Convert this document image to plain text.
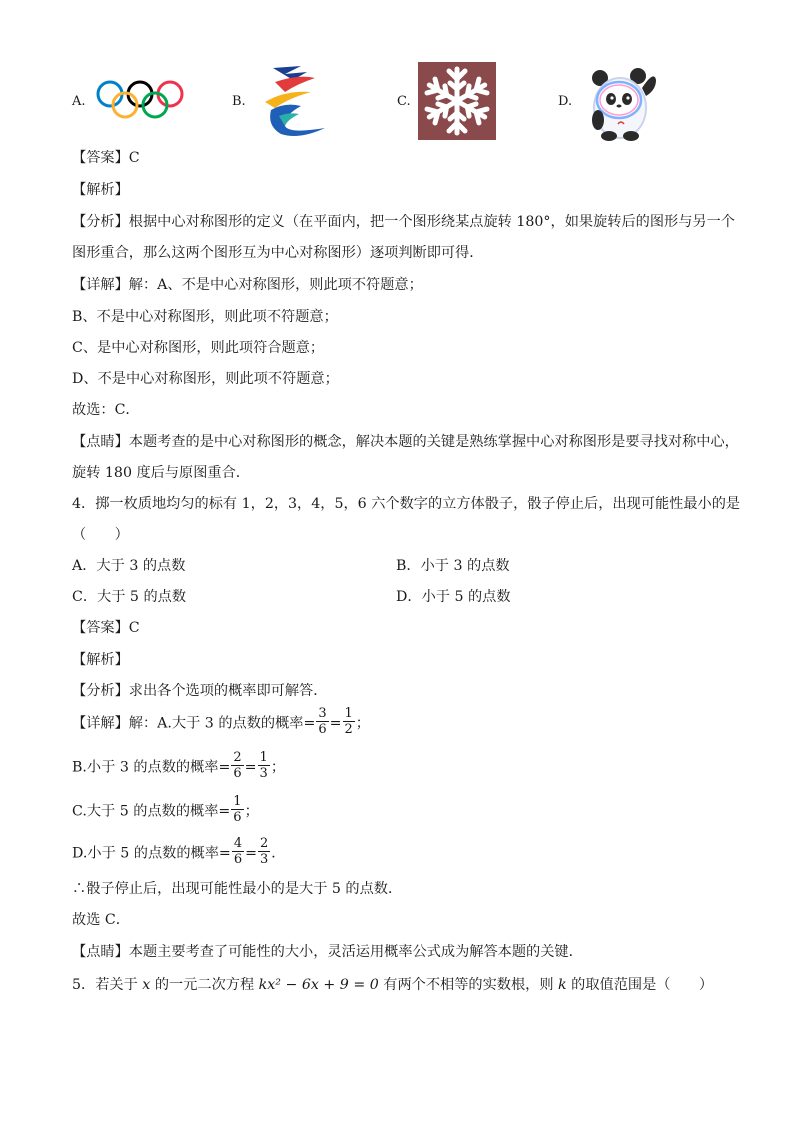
A.	B.	C.	D.
【答案】C
【解析】
【分析】根据中心对称图形的定义（在平面内，把一个图形绕某点旋转 180°，如果旋转后的图形与另一个
图形重合，那么这两个图形互为中心对称图形）逐项判断即可得．
【详解】解：A、不是中心对称图形，则此项不符题意；
B、不是中心对称图形，则此项不符题意；
C、是中心对称图形，则此项符合题意；
D、不是中心对称图形，则此项不符题意；
故选：C．
【点睛】本题考查的是中心对称图形的概念，解决本题的关键是熟练掌握中心对称图形是要寻找对称中心，
旋转 180 度后与原图重合．
4．掷一枚质地均匀的标有 1，2，3，4，5，6 六个数字的立方体骰子，骰子停止后，出现可能性最小的是
（　　）
A．大于 3 的点数	B．小于 3 的点数
C．大于 5 的点数	D．小于 5 的点数
【答案】C
【解析】
【分析】求出各个选项的概率即可解答．
【详解】解：A.大于 3 的点数的概率= $\frac{3}{6} = \frac{1}{2}$ ；
B.小于 3 的点数的概率= $\frac{2}{6} = \frac{1}{3}$ ；
C.大于 5 的点数的概率= $\frac{1}{6}$ ；
D.小于 5 的点数的概率= $\frac{4}{6} = \frac{2}{3}$ ．
∴骰子停止后，出现可能性最小的是大于 5 的点数．
故选 C．
【点睛】本题主要考查了可能性的大小，灵活运用概率公式成为解答本题的关键．
5．若关于 x 的一元二次方程 kx² − 6x + 9 = 0 有两个不相等的实数根，则 k 的取值范围是（　　）
